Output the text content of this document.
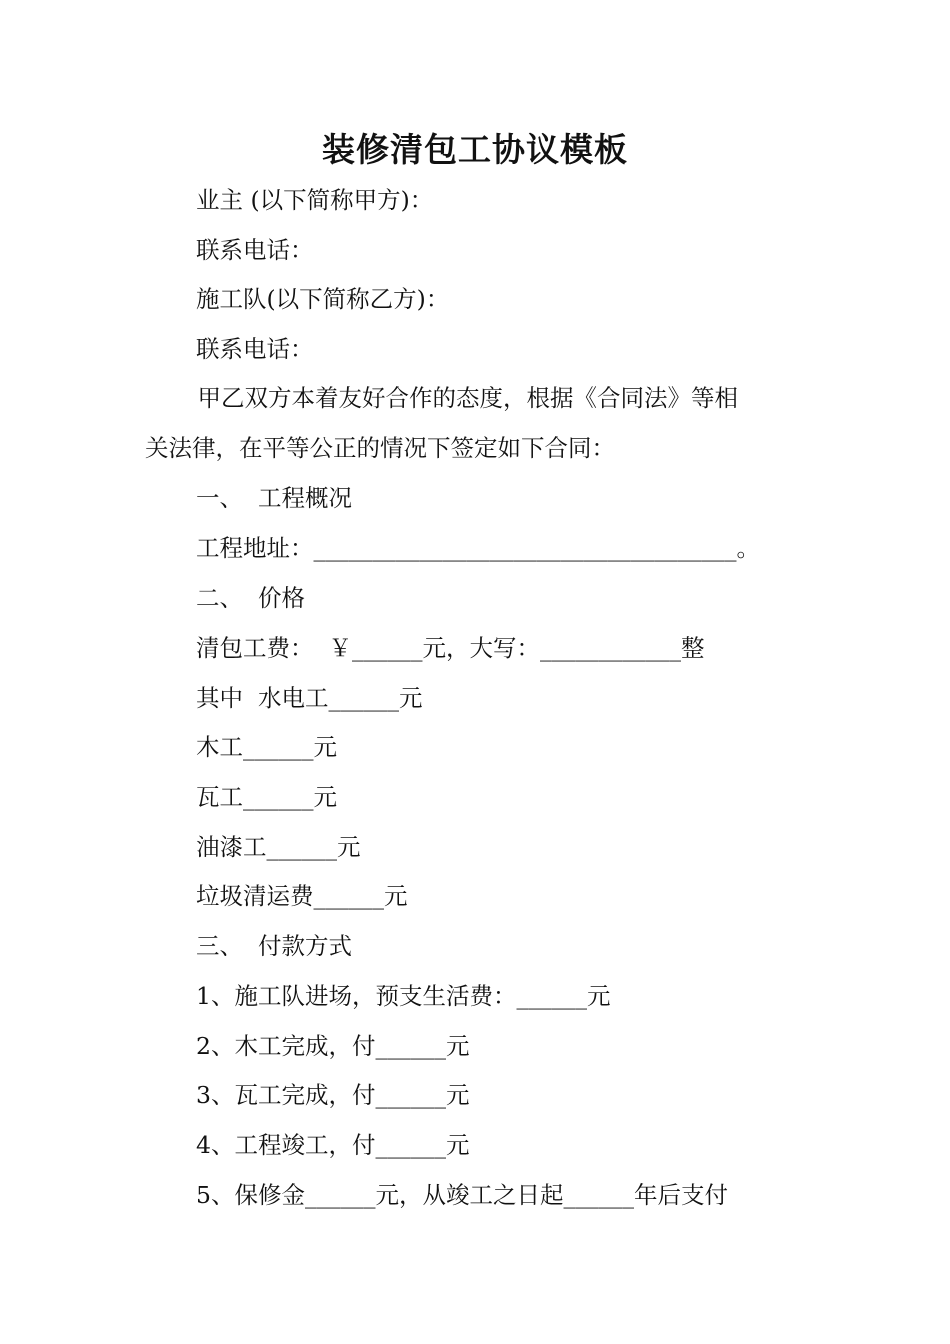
装修清包工协议模板
业主 (以下简称甲方)：
联系电话：
施工队(以下简称乙方)：
联系电话：
甲乙双方本着友好合作的态度，根据《合同法》等相
关法律，在平等公正的情况下签定如下合同：
一、  工程概况
工程地址：____________________________________。
二、  价格
清包工费：  ￥______元，大写：____________整
其中  水电工______元
木工______元
瓦工______元
油漆工______元
垃圾清运费______元
三、  付款方式
1、施工队进场，预支生活费：______元
2、木工完成，付______元
3、瓦工完成，付______元
4、工程竣工，付______元
5、保修金______元，从竣工之日起______年后支付
